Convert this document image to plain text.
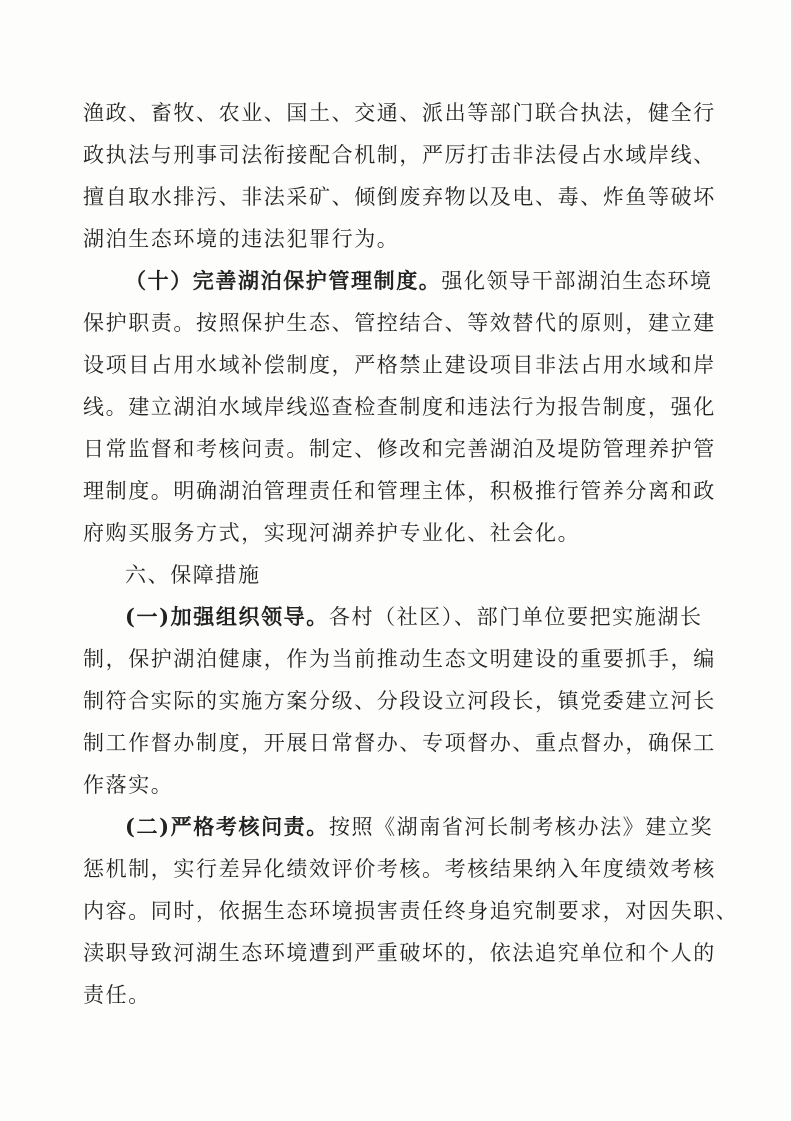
渔政、畜牧、农业、国土、交通、派出等部门联合执法，健全行
政执法与刑事司法衔接配合机制，严厉打击非法侵占水域岸线、
擅自取水排污、非法采矿、倾倒废弃物以及电、毒、炸鱼等破坏
湖泊生态环境的违法犯罪行为。
（十）完善湖泊保护管理制度。强化领导干部湖泊生态环境
保护职责。按照保护生态、管控结合、等效替代的原则，建立建
设项目占用水域补偿制度，严格禁止建设项目非法占用水域和岸
线。建立湖泊水域岸线巡查检查制度和违法行为报告制度，强化
日常监督和考核问责。制定、修改和完善湖泊及堤防管理养护管
理制度。明确湖泊管理责任和管理主体，积极推行管养分离和政
府购买服务方式，实现河湖养护专业化、社会化。
六、保障措施
(一)加强组织领导。各村（社区）、部门单位要把实施湖长
制，保护湖泊健康，作为当前推动生态文明建设的重要抓手，编
制符合实际的实施方案分级、分段设立河段长，镇党委建立河长
制工作督办制度，开展日常督办、专项督办、重点督办，确保工
作落实。
(二)严格考核问责。按照《湖南省河长制考核办法》建立奖
惩机制，实行差异化绩效评价考核。考核结果纳入年度绩效考核
内容。同时，依据生态环境损害责任终身追究制要求，对因失职、
渎职导致河湖生态环境遭到严重破坏的，依法追究单位和个人的
责任。
